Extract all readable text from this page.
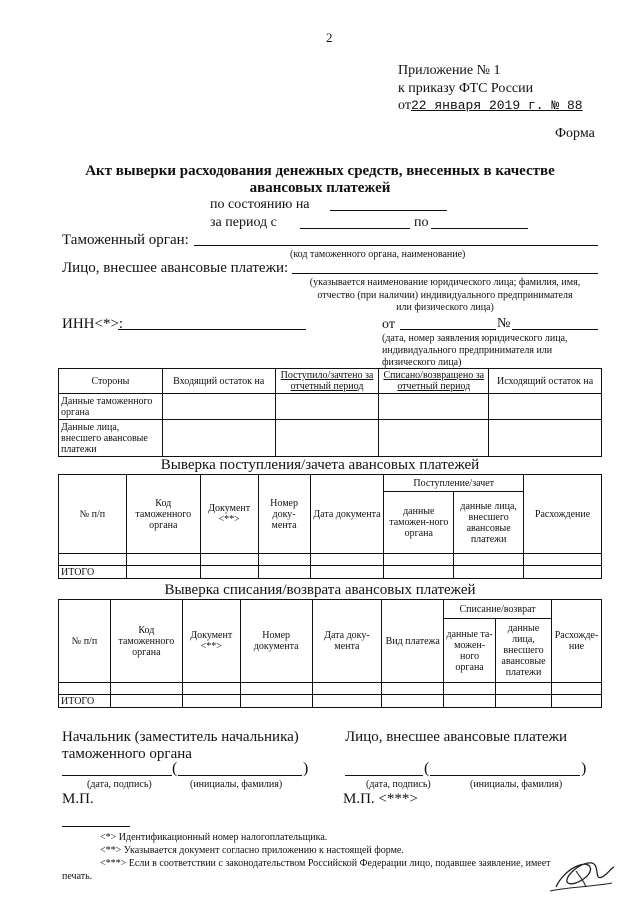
2
Приложение № 1
к приказу ФТС России
от22 января 2019 г. № 88
Форма
Акт выверки расходования денежных средств, внесенных в качестве
авансовых платежей
по состоянию на
за период с	по
Таможенный орган:
(код таможенного органа, наименование)
Лицо, внесшее авансовые платежи:
(указывается наименование юридического лица; фамилия, имя,
отчество (при наличии) индивидуального предпринимателя
или физического лица)
ИНН<*>:	от	№
(дата, номер заявления юридического лица,
индивидуального предпринимателя или
физического лица)
Стороны	Входящий остаток на	Поступило/зачтено за отчетный период	Списано/возвращено за отчетный период	Исходящий остаток на
Данные таможенного органа				
Данные лица, внесшего авансовые платежи				
Выверка поступления/зачета авансовых платежей
№ п/п	Код таможенного органа	Документ <**>	Номер доку-мента	Дата документа	Поступление/зачет		Расхождение
					данные таможен-ного органа	данные лица, внесшего авансовые платежи	

ИТОГО							
Выверка списания/возврата авансовых платежей
№ п/п	Код таможенного органа	Документ <**>	Номер документа	Дата доку-мента	Вид платежа	Списание/возврат		Расхожде-ние
						данные та-можен-ного органа	данные лица, внесшего авансовые платежи	

ИТОГО								
Начальник (заместитель начальника)
таможенного органа
Лицо, внесшее авансовые платежи
(	)
(дата, подпись)	(инициалы, фамилия)
М.П.
(	)
(дата, подпись)	(инициалы, фамилия)
М.П. <***>
<*> Идентификационный номер налогоплательщика.
<**> Указывается документ согласно приложению к настоящей форме.
<***> Если в соответствии с законодательством Российской Федерации лицо, подавшее заявление, имеет
печать.
